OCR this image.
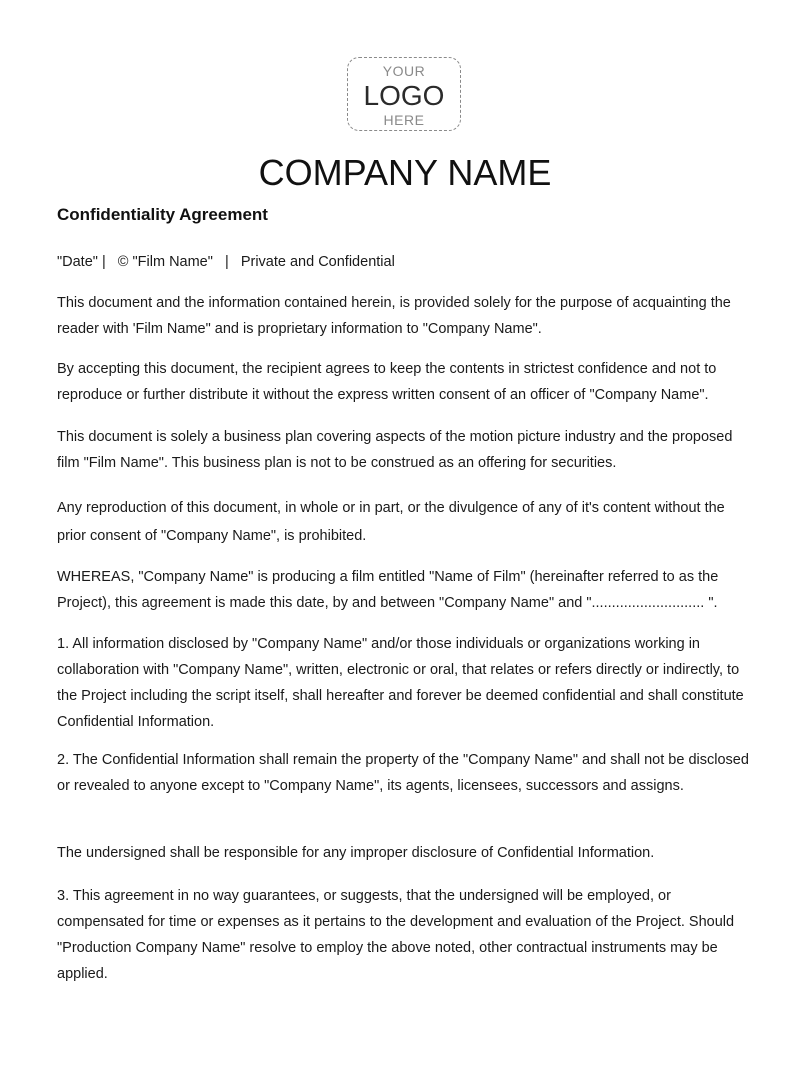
YOUR
LOGO
HERE
COMPANY NAME
Confidentiality Agreement

"Date" |   © "Film Name"   |   Private and Confidential

This document and the information contained herein, is provided solely for the purpose of acquainting the reader with 'Film Name" and is proprietary information to "Company Name".

By accepting this document, the recipient agrees to keep the contents in strictest confidence and not to reproduce or further distribute it without the express written consent of an officer of "Company Name".

This document is solely a business plan covering aspects of the motion picture industry and the proposed film "Film Name". This business plan is not to be construed as an offering for securities.

Any reproduction of this document, in whole or in part, or the divulgence of any of it's content without the prior consent of "Company Name", is prohibited.

WHEREAS, "Company Name" is producing a film entitled "Name of Film" (hereinafter referred to as the Project), this agreement is made this date, by and between "Company Name" and "............................ ".

1. All information disclosed by "Company Name" and/or those individuals or organizations working in collaboration with "Company Name", written, electronic or oral, that relates or refers directly or indirectly, to the Project including the script itself, shall hereafter and forever be deemed confidential and shall constitute Confidential Information.

2. The Confidential Information shall remain the property of the "Company Name" and shall not be disclosed or revealed to anyone except to "Company Name", its agents, licensees, successors and assigns.

The undersigned shall be responsible for any improper disclosure of Confidential Information.

3. This agreement in no way guarantees, or suggests, that the undersigned will be employed, or compensated for time or expenses as it pertains to the development and evaluation of the Project. Should "Production Company Name" resolve to employ the above noted, other contractual instruments may be applied.
